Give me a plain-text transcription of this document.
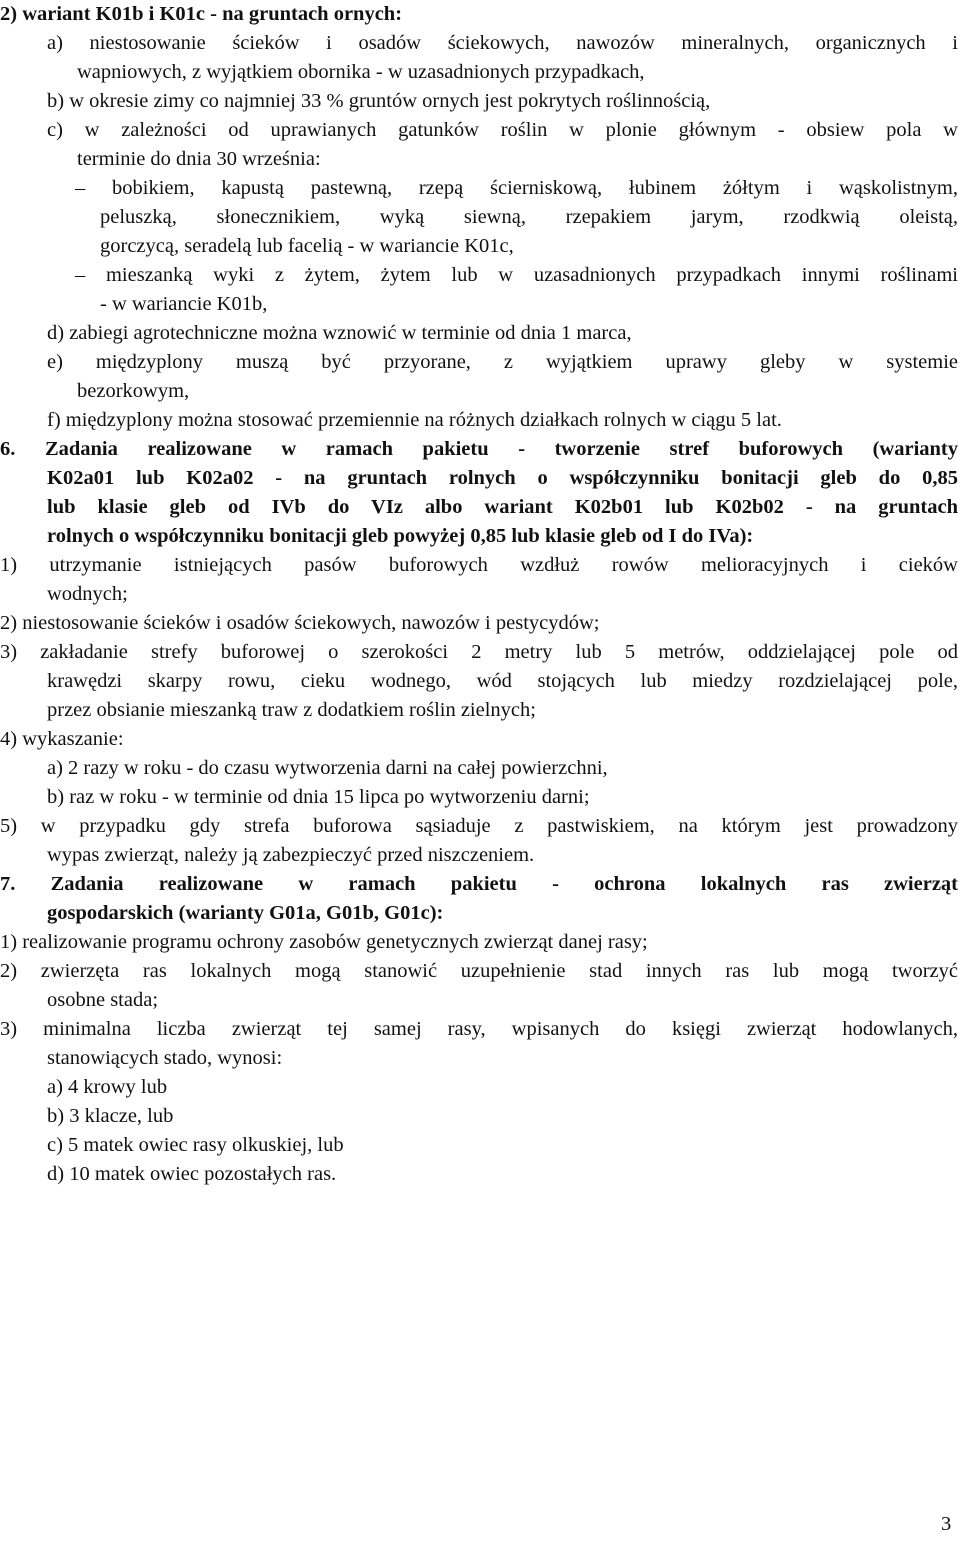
2) wariant K01b i K01c - na gruntach ornych:
a) niestosowanie ścieków i osadów ściekowych, nawozów mineralnych, organicznych i
wapniowych, z wyjątkiem obornika - w uzasadnionych przypadkach,
b) w okresie zimy co najmniej 33 % gruntów ornych jest pokrytych roślinnością,
c) w zależności od uprawianych gatunków roślin w plonie głównym - obsiew pola w
terminie do dnia 30 września:
– bobikiem, kapustą pastewną, rzepą ścierniskową, łubinem żółtym i wąskolistnym,
peluszką, słonecznikiem, wyką siewną, rzepakiem jarym, rzodkwią oleistą,
gorczycą, seradelą lub facelią - w wariancie K01c,
– mieszanką wyki z żytem, żytem lub w uzasadnionych przypadkach innymi roślinami
- w wariancie K01b,
d) zabiegi agrotechniczne można wznowić w terminie od dnia 1 marca,
e) międzyplony muszą być przyorane, z wyjątkiem uprawy gleby w systemie
bezorkowym,
f) międzyplony można stosować przemiennie na różnych działkach rolnych w ciągu 5 lat.
6. Zadania realizowane w ramach pakietu - tworzenie stref buforowych (warianty
K02a01 lub K02a02 - na gruntach rolnych o współczynniku bonitacji gleb do 0,85
lub klasie gleb od IVb do VIz albo wariant K02b01 lub K02b02 - na gruntach
rolnych o współczynniku bonitacji gleb powyżej 0,85 lub klasie gleb od I do IVa):
1) utrzymanie istniejących pasów buforowych wzdłuż rowów melioracyjnych i cieków
wodnych;
2) niestosowanie ścieków i osadów ściekowych, nawozów i pestycydów;
3) zakładanie strefy buforowej o szerokości 2 metry lub 5 metrów, oddzielającej pole od
krawędzi skarpy rowu, cieku wodnego, wód stojących lub miedzy rozdzielającej pole,
przez obsianie mieszanką traw z dodatkiem roślin zielnych;
4) wykaszanie:
a) 2 razy w roku - do czasu wytworzenia darni na całej powierzchni,
b) raz w roku - w terminie od dnia 15 lipca po wytworzeniu darni;
5) w przypadku gdy strefa buforowa sąsiaduje z pastwiskiem, na którym jest prowadzony
wypas zwierząt, należy ją zabezpieczyć przed niszczeniem.
7. Zadania realizowane w ramach pakietu - ochrona lokalnych ras zwierząt
gospodarskich (warianty G01a, G01b, G01c):
1) realizowanie programu ochrony zasobów genetycznych zwierząt danej rasy;
2) zwierzęta ras lokalnych mogą stanowić uzupełnienie stad innych ras lub mogą tworzyć
osobne stada;
3) minimalna liczba zwierząt tej samej rasy, wpisanych do księgi zwierząt hodowlanych,
stanowiących stado, wynosi:
a) 4 krowy lub
b) 3 klacze, lub
c) 5 matek owiec rasy olkuskiej, lub
d) 10 matek owiec pozostałych ras.
3
